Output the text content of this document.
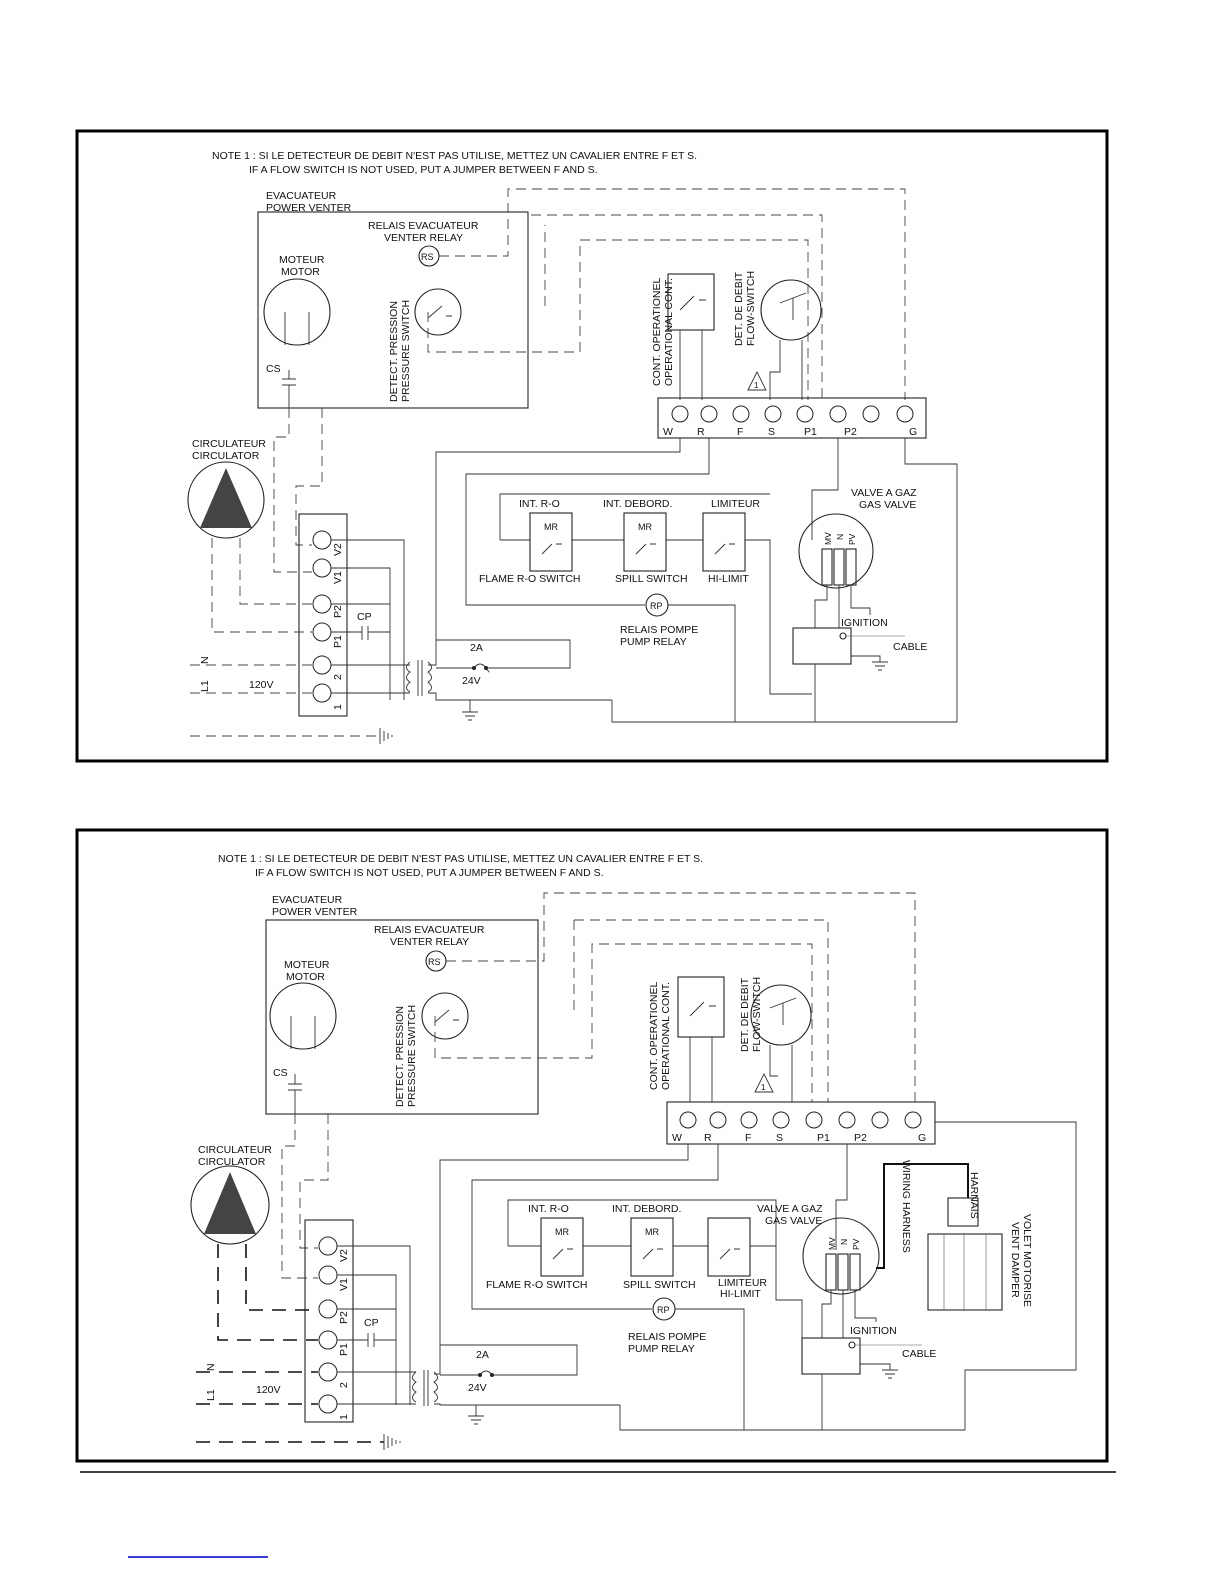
NOTE 1 : SI LE DETECTEUR DE DEBIT N'EST PAS UTILISE, METTEZ UN CAVALIER ENTRE F ET S.
IF A FLOW SWITCH IS NOT USED, PUT A JUMPER BETWEEN F AND S.
EVACUATEUR
POWER VENTER
RELAIS EVACUATEUR
VENTER RELAY
RS
MOTEUR
MOTOR
CS	DETECT. PRESSION PRESSURE SWITCH	CONT. OPERATIONEL OPERATIONAL CONT.	DET. DE DEBIT FLOW-SWITCH
1
W R	F S	P1	P2	G
CIRCULATEUR
CIRCULATOR
INT. R-O	INT. DEBORD.	LIMITEUR
MR	MR
FLAME R-O SWITCH	SPILL SWITCH HI-LIMIT
RP
RELAIS POMPE
PUMP RELAY
VALVE A GAZ
GAS VALVE
MV N PV
IGNITION
CABLE
V2
V1
P2
P1
2
1
CP
2A
24V
N
L1	120V
NOTE 1 : SI LE DETECTEUR DE DEBIT N'EST PAS UTILISE, METTEZ UN CAVALIER ENTRE F ET S.
IF A FLOW SWITCH IS NOT USED, PUT A JUMPER BETWEEN F AND S.
EVACUATEUR
POWER VENTER
RELAIS EVACUATEUR
VENTER RELAY
RS
MOTEUR
MOTOR
CS	DETECT. PRESSION PRESSURE SWITCH	CONT. OPERATIONEL OPERATIONAL CONT.	DET. DE DEBIT FLOW-SWITCH
1
W R	F S	P1 P2	G
CIRCULATEUR
CIRCULATOR
INT. R-O	INT. DEBORD.
MR	MR
FLAME R-O SWITCH	SPILL SWITCH LIMITEUR
HI-LIMIT
RP
RELAIS POMPE
PUMP RELAY
VALVE A GAZ
GAS VALVE
MV N PV	WIRING HARNESS	HARNAIS
VOLET MOTORISE
VENT DAMPER
IGNITION
CABLE
V2
V1
P2
P1
2
1
CP
2A
24V
N
L1	120V
